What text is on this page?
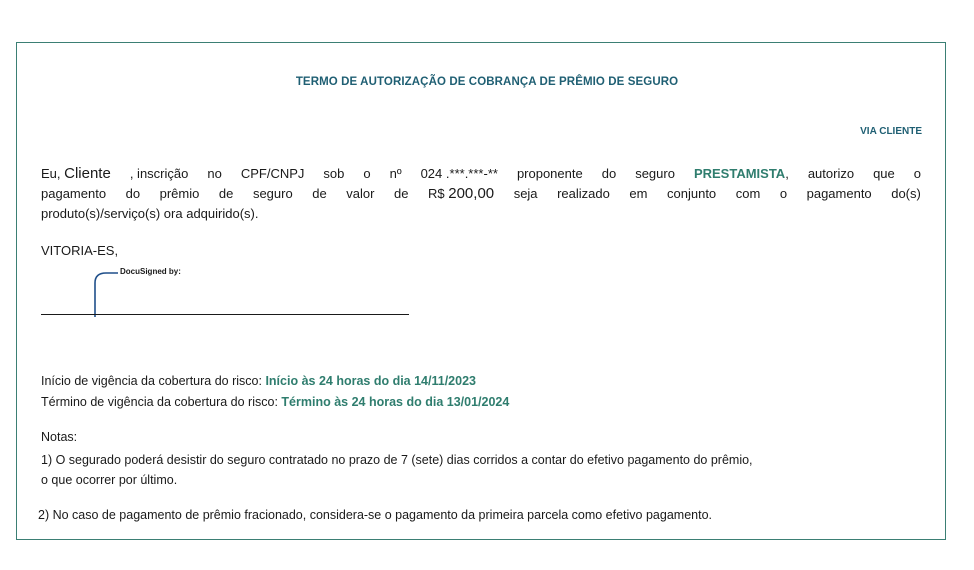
TERMO DE AUTORIZAÇÃO DE COBRANÇA DE PRÊMIO DE SEGURO
VIA CLIENTE
Eu, Cliente , inscrição no CPF/CNPJ sob o nº 024 .***.***-** proponente do seguro PRESTAMISTA, autorizo que o
pagamento do prêmio de seguro de valor de R$ 200,00 seja realizado em conjunto com o pagamento do(s)
produto(s)/serviço(s) ora adquirido(s).
VITORIA-ES,
DocuSigned by:
Início de vigência da cobertura do risco: Início às 24 horas do dia 14/11/2023
Término de vigência da cobertura do risco: Término às 24 horas do dia 13/01/2024
Notas:
1) O segurado poderá desistir do seguro contratado no prazo de 7 (sete) dias corridos a contar do efetivo pagamento do prêmio,
o que ocorrer por último.
2) No caso de pagamento de prêmio fracionado, considera-se o pagamento da primeira parcela como efetivo pagamento.
